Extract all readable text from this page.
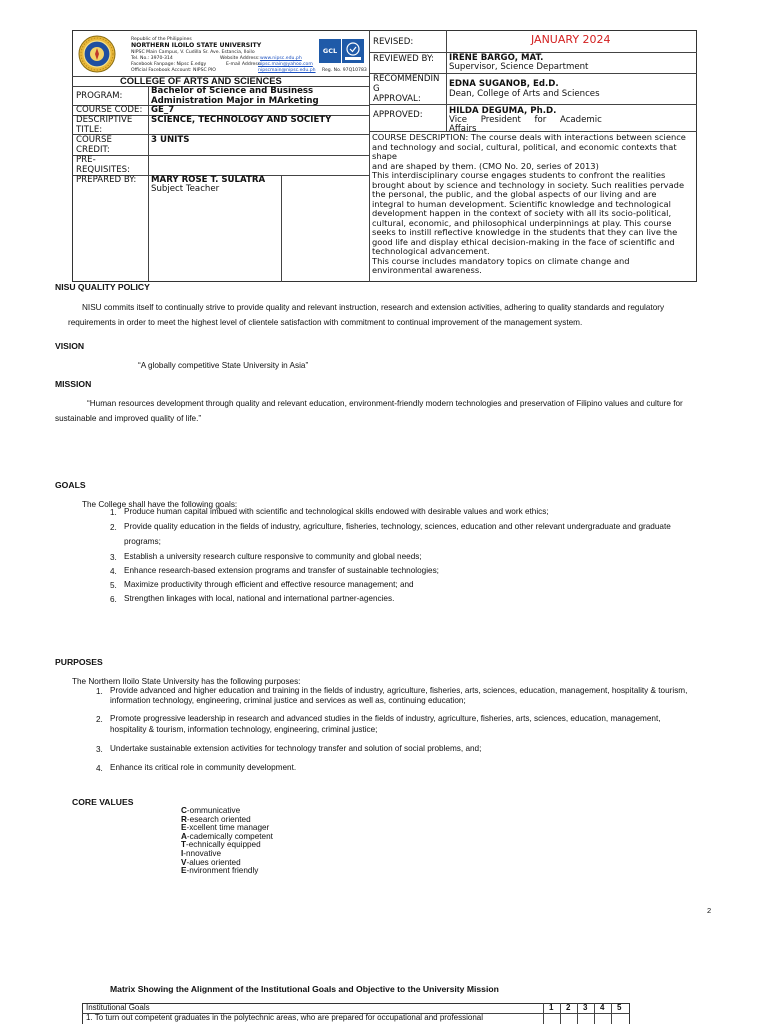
Republic of the Philippines
NORTHERN ILOILO STATE UNIVERSITY
NIPSC Main Campus, V. Cudilla Sr. Ave. Estancia, Iloilo
Tel. No.: 3970-314	Website Address: www.nipsc.edu.ph
Facebook Fanpage: Nipsc E.edgy	E-mail Address:
nipsc.main@yahoo.com
Official Facebook Account: NIPSC PIO	nipscmain@nipsc.edu.ph
GCL
Reg. No. 97Q10783
COLLEGE OF ARTS AND SCIENCES
PROGRAM:	Bachelor of Science and Business Administration Major in MArketing
COURSE CODE: GE_7
DESCRIPTIVE TITLE:
SCIENCE, TECHNOLOGY AND SOCIETY
COURSE CREDIT:
3 UNITS
PRE-REQUISITES:
PREPARED BY: MARY ROSE T. SULATRA
Subject Teacher
REVISED:	JANUARY 2024
REVIEWED BY: IRENE BARGO, MAT.
Supervisor, Science Department
RECOMMENDIN
G
APPROVAL:
EDNA SUGANOB, Ed.D.
Dean, College of Arts and Sciences
APPROVED:	HILDA DEGUMA, Ph.D.
Vice     President     for     Academic
Affairs
COURSE DESCRIPTION: The course deals with interactions between science
and technology and social, cultural, political, and economic contexts that
shape
and are shaped by them. (CMO No. 20, series of 2013)
This interdisciplinary course engages students to confront the realities
brought about by science and technology in society. Such realities pervade
the personal, the public, and the global aspects of our living and are
integral to human development. Scientific knowledge and technological
development happen in the context of society with all its socio-political,
cultural, economic, and philosophical underpinnings at play. This course
seeks to instill reflective knowledge in the students that they can live the
good life and display ethical decision-making in the face of scientific and
technological advancement.
This course includes mandatory topics on climate change and
environmental awareness.
NISU QUALITY POLICY
NISU commits itself to continually strive to provide quality and relevant instruction, research and extension activities, adhering to quality standards and regulatory
requirements in order to meet the highest level of clientele satisfaction with commitment to continual improvement of the management system.
VISION
“A globally competitive State University in Asia”
MISSION
“Human resources development through quality and relevant education, environment-friendly modern technologies and preservation of Filipino values and culture for
sustainable and improved quality of life.”
GOALS
The College shall have the following goals:
1. Produce human capital imbued with scientific and technological skills endowed with desirable values and work ethics;
2. Provide quality education in the fields of industry, agriculture, fisheries, technology, sciences, education and other relevant undergraduate and graduate
programs;
3. Establish a university research culture responsive to community and global needs;
4. Enhance research-based extension programs and transfer of sustainable technologies;
5. Maximize productivity through efficient and effective resource management; and
6. Strengthen linkages with local, national and international partner-agencies.
PURPOSES
The Northern Iloilo State University has the following purposes:
1. Provide advanced and higher education and training in the fields of industry, agriculture, fisheries, arts, sciences, education, management, hospitality & tourism,
information technology, engineering, criminal justice and services as well as, continuing education;
2. Promote progressive leadership in research and advanced studies in the fields of industry, agriculture, fisheries, arts, sciences, education, management,
hospitality & tourism, information technology, engineering, criminal justice;
3. Undertake sustainable extension activities for technology transfer and solution of social problems, and;
4. Enhance its critical role in community development.
CORE VALUES
C-ommunicative
R-esearch oriented
E-xcellent time manager
A-cademically competent
T-echnically equipped
I-nnovative
V-alues oriented
E-nvironment friendly
2
Matrix Showing the Alignment of the Institutional Goals and Objective to the University Mission
Institutional Goals	1 2 3 4 5
1. To turn out competent graduates in the polytechnic areas, who are prepared for occupational and professional
